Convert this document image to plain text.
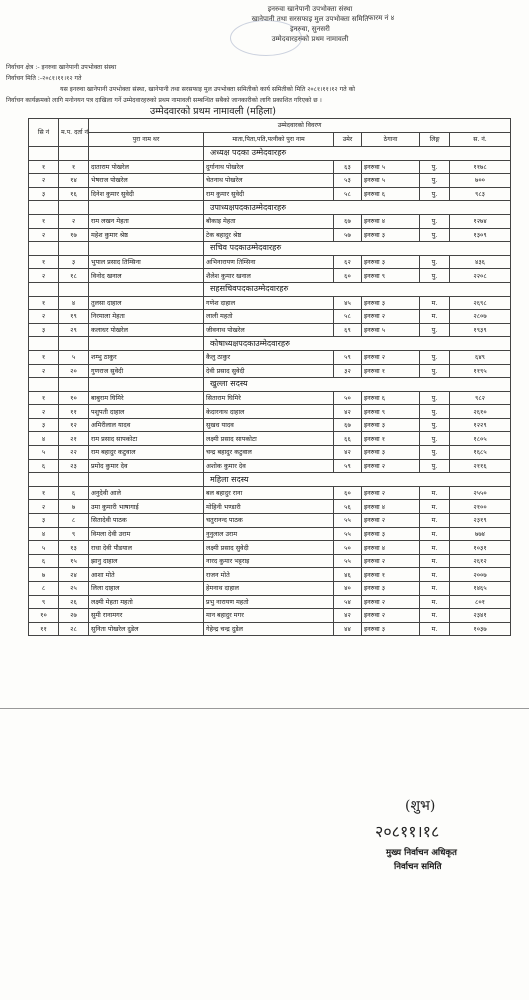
इनरुवा खानेपानी उपभोक्ता संस्था
खानेपानी तथा सरसफाइ मुल उपभोक्ता समिति
इनरुवा, सुनसरी
उम्मेदवारहरुको प्रथम नामावली
फारम नं ४
निर्वाचन क्षेत्र :- इनरुवा खानेपानी उपभोक्ता संस्था
निर्वाचन मिति :-२०८१।११।१२ गते
यस इनरुवा खानेपानी उपभोक्ता संस्था, खानेपानी तथा सरसफाइ मुल उपभोक्ता समितीको कार्य समितीको मिति २०८१।११।१२ गते को
निर्वाचन कार्यक्रमको लागि मनोनयन पत्र दाखिला गर्ने उम्मेदवारहरुको प्रथम नामावली सम्बन्धित सबैको जानकारीको लागि प्रकाशित गरिएको छ ।
उम्मेदवारको प्रथम नामावली (महिला)
सि नं	म.प. दर्ता नं	उम्मेदवारको विवरण					
		पुरा नाम थर	माता,पिता,पति,पत्नीको पुरा नाम	उमेर	ठेगाना	लिङ्ग	स. नं.
			अध्यक्ष पदका उम्मेदवारहरु				
१	१	दाताराम पोखरेल	दुर्गानाथ पोखरेल	६३	इनरुवा ५	पु.	११७८
२	१४	भेषराज पोखरेल	चेतनाथ पोखरेल	५३	इनरुवा ५	पु.	७००
३	१६	दिनेश कुमार सुवेदी	राम कुमार सुवेदी	५८	इनरुवा ६	पु.	९८३
			उपाध्यक्षपदकाउम्मेदवारहरु				
१	२	राम लखन मेहता	बौकाइ मेहता	६७	इनरुवा ४	पु.	१२७४
२	१७	महेश कुमार श्रेष्ठ	टेक बहादुर श्रेष्ठ	५७	इनरुवा ३	पु.	१३०९
			सचिव पदकाउम्मेदवारहरु				
१	३	भुपाल प्रसाद तिम्सिना	अभिनारायण तिम्सिना	६२	इनरुवा ३	पु.	४३६
२	१८	विनोद खनाल	शैलेश कुमार खनाल	६०	इनरुवा ९	पु.	२२०८
			सहसचिवपदकाउम्मेदवारहरु				
१	४	तुलसा दाहाल	गणेश दाहाल	४५	इनरुवा ३	म.	२६९८
२	१९	निरमाला मेहता	लाली महतो	५८	इनरुवा २	म.	२८०७
३	२९	कलाधर पोखरेल	जीवनाथ पोखरेल	६९	इनरुवा ५	पु.	१९३९
			कोषाध्यक्षपदकाउम्मेदवारहरु				
१	५	शम्भु ठाकुर	कैलु ठाकुर	५९	इनरुवा २	पु.	६४९
२	२०	गुणराज सुवेदी	देवी प्रसाद सुवेदी	३२	इनरुवा १	पु.	११९५
			खुल्ला सदस्य				
१	१०	बाबुराम घिमिरे	सिताराम घिमिरे	५०	इनरुवा ६	पु.	९८२
२	११	पशुपती दाहाल	केदारनाथ दाहाल	४२	इनरुवा ९	पु.	२६१०
३	१२	अमिरीलाल यादव	सुखध यादव	६७	इनरुवा ३	पु.	१२२९
४	२१	राम प्रसाद सापकोटा	लक्ष्मी प्रसाद सापकोटा	६६	इनरुवा १	पु.	१८०५
५	२२	राम बहादुर कटुवाल	चन्द्र बहादुर कटुवाल	४२	इनरुवा ३	पु.	१६८५
६	२३	प्रमोद कुमार देव	अशोक कुमार देव	५९	इनरुवा २	पु.	२११६
			महिला सदस्य				
१	६	अनुदेवी आले	बल बहादुर राना	६०	इनरुवा २	म.	२५५०
२	७	उमा कुमारी भाषागाई	मोहिनी भण्डारी	५६	इनरुवा ४	म.	२१००
३	८	सितादेवी पाठक	चतुरानन्द पाठक	५५	इनरुवा २	म.	२३१९
४	९	विमला देवी उराम	नुनुलाल उराम	५५	इनरुवा ३	म.	७७४
५	१३	राधा देवी पौडयाल	लक्ष्मी प्रसाद सुवेदी	५०	इनरुवा ४	म.	१०३१
६	१५	झानु दाहाल	नारद कुमार भट्टराइ	५५	इनरुवा २	म.	२६१२
७	२४	आशा मोते	राजन मोते	४६	इनरुवा १	म.	२००७
८	२५	लिला दाहाल	हेमनाथ दाहाल	४०	इनरुवा ३	म.	१४६५
९	२६	लक्ष्मी मेहता महतो	प्रभु नारायण महतो	५४	इनरुवा २	म.	८०१
१०	२७	सुमी रानामगर	मान बहादुर मगर	४२	इनरुवा २	म.	२३४१
११	२८	सुनिता पोखरेल दुडेल	गेहेन्द्र चन्द्र दुडेल	४४	इनरुवा ३	म.	१०३७
(शुभ)
२०८११।१८
मुख्य निर्वाचन अधिकृत
निर्वाचन समिति
